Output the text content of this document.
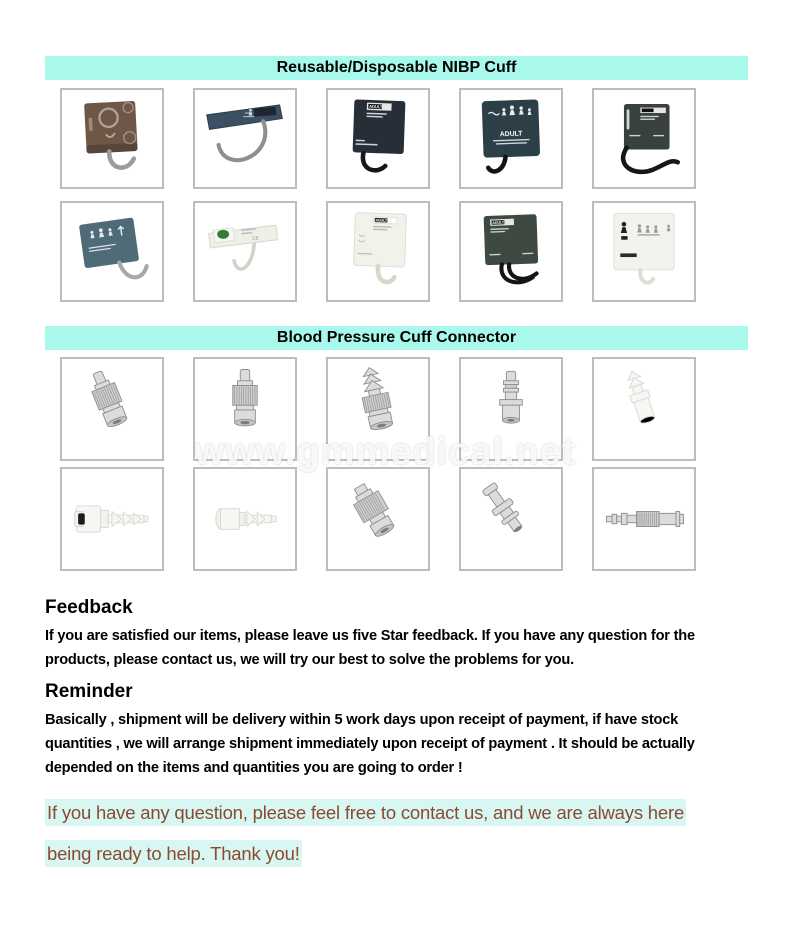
Reusable/Disposable NIBP Cuff
ADULT
ADULT
CE
ADULT	ADULT
Blood Pressure Cuff Connector
www.gmmedical.net
Feedback

If you are satisfied our items, please leave us five Star feedback. If you have any question for the products, please contact us, we will try our best to solve the problems for you.

Reminder

Basically , shipment will be delivery within 5 work days upon receipt of payment, if have stock quantities , we will arrange shipment immediately upon receipt of payment . It should be actually depended on the items and quantities you are going to order !

If you have any question, please feel free to contact us, and we are always here
being ready to help. Thank you!
